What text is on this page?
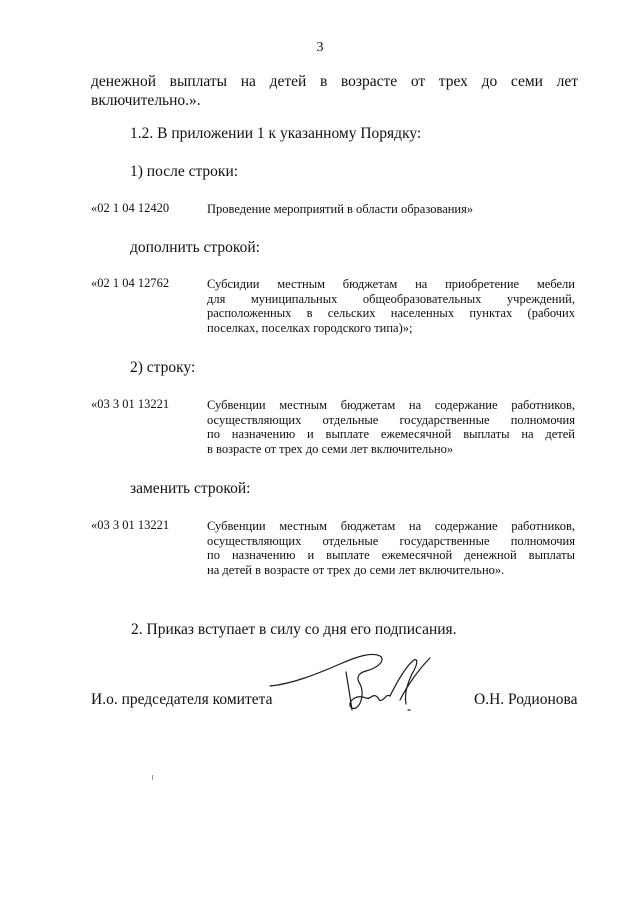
3
денежной выплаты на детей в возрасте от трех до семи лет
включительно.».
1.2. В приложении 1 к указанному Порядку:
1) после строки:
«02 1 04 12420	Проведение мероприятий в области образования»
дополнить строкой:
«02 1 04 12762	Субсидии местным бюджетам на приобретение мебели
для муниципальных общеобразовательных учреждений,
расположенных в сельских населенных пунктах (рабочих
поселках, поселках городского типа)»;
2) строку:
«03 3 01 13221	Субвенции местным бюджетам на содержание работников,
осуществляющих отдельные государственные полномочия
по назначению и выплате ежемесячной выплаты на детей
в возрасте от трех до семи лет включительно»
заменить строкой:
«03 3 01 13221	Субвенции местным бюджетам на содержание работников,
осуществляющих отдельные государственные полномочия
по назначению и выплате ежемесячной денежной выплаты
на детей в возрасте от трех до семи лет включительно».
2. Приказ вступает в силу со дня его подписания.
И.о. председателя комитета	О.Н. Родионова
